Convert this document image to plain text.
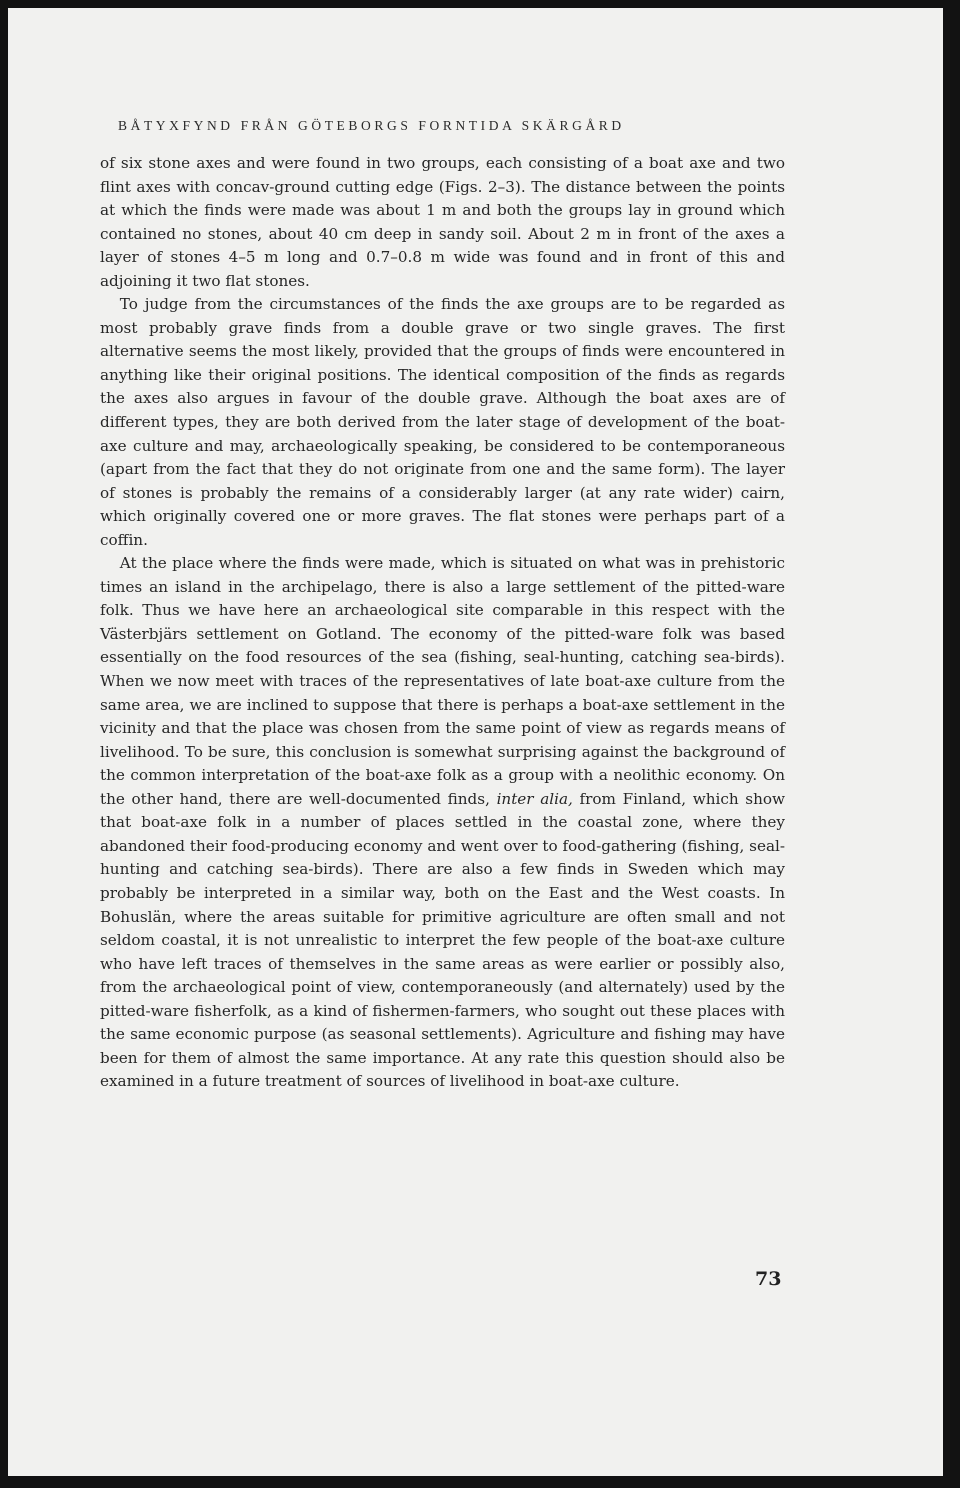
BÅTYXFYND FRÅN GÖTEBORGS FORNTIDA SKÄRGÅRD

of six stone axes and were found in two groups, each consisting of a boat axe and two flint axes with concav-ground cutting edge (Figs. 2–3). The distance between the points at which the finds were made was about 1 m and both the groups lay in ground which contained no stones, about 40 cm deep in sandy soil. About 2 m in front of the axes a layer of stones 4–5 m long and 0.7–0.8 m wide was found and in front of this and adjoining it two flat stones.

To judge from the circumstances of the finds the axe groups are to be regarded as most probably grave finds from a double grave or two single graves. The first alternative seems the most likely, provided that the groups of finds were encountered in anything like their original positions. The identical composition of the finds as regards the axes also argues in favour of the double grave. Although the boat axes are of different types, they are both derived from the later stage of development of the boat-axe culture and may, archaeologically speaking, be considered to be contemporaneous (apart from the fact that they do not originate from one and the same form). The layer of stones is probably the remains of a considerably larger (at any rate wider) cairn, which originally covered one or more graves. The flat stones were perhaps part of a coffin.

At the place where the finds were made, which is situated on what was in prehistoric times an island in the archipelago, there is also a large settlement of the pitted-ware folk. Thus we have here an archaeological site comparable in this respect with the Västerbjärs settlement on Gotland. The economy of the pitted-ware folk was based essentially on the food resources of the sea (fishing, seal-hunting, catching sea-birds). When we now meet with traces of the representatives of late boat-axe culture from the same area, we are inclined to suppose that there is perhaps a boat-axe settlement in the vicinity and that the place was chosen from the same point of view as regards means of livelihood. To be sure, this conclusion is somewhat surprising against the background of the common interpretation of the boat-axe folk as a group with a neolithic economy. On the other hand, there are well-documented finds, inter alia, from Finland, which show that boat-axe folk in a number of places settled in the coastal zone, where they abandoned their food-producing economy and went over to food-gathering (fishing, seal-hunting and catching sea-birds). There are also a few finds in Sweden which may probably be interpreted in a similar way, both on the East and the West coasts. In Bohuslän, where the areas suitable for primitive agriculture are often small and not seldom coastal, it is not unrealistic to interpret the few people of the boat-axe culture who have left traces of themselves in the same areas as were earlier or possibly also, from the archaeological point of view, contemporaneously (and alternately) used by the pitted-ware fisherfolk, as a kind of fishermen-farmers, who sought out these places with the same economic purpose (as seasonal settlements). Agriculture and fishing may have been for them of almost the same importance. At any rate this question should also be examined in a future treatment of sources of livelihood in boat-axe culture.

73
